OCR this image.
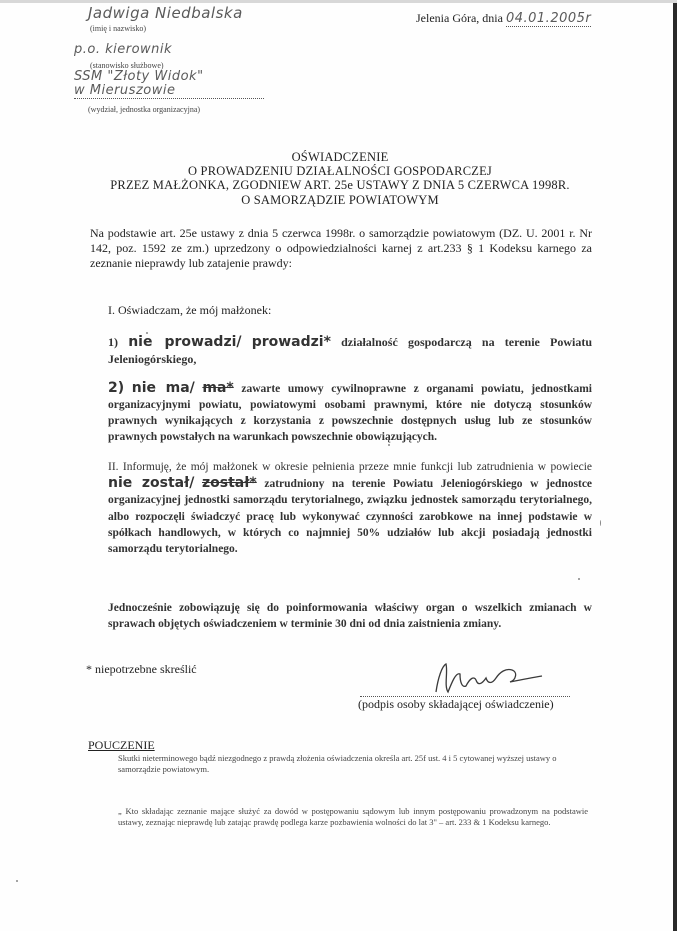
Jadwiga Niedbalska
(imię i nazwisko)
Jelenia Góra, dnia 04.01.2005r
p.o. kierownik
(stanowisko służbowe)
SSM "Złoty Widok"
w Mieruszowie
(wydział, jednostka organizacyjna)
OŚWIADCZENIE
O PROWADZENIU DZIAŁALNOŚCI GOSPODARCZEJ
PRZEZ MAŁŻONKA, ZGODNIEW ART. 25e USTAWY Z DNIA 5 CZERWCA 1998R.
O SAMORZĄDZIE POWIATOWYM
Na podstawie art. 25e ustawy z dnia 5 czerwca 1998r. o samorządzie powiatowym (DZ. U. 2001 r. Nr 142, poz. 1592 ze zm.) uprzedzony o odpowiedzialności karnej z art.233 § 1 Kodeksu karnego za zeznanie nieprawdy lub zatajenie prawdy:
I. Oświadczam, że mój małżonek:
1) nie prowadzi/ prowadzi* działalność gospodarczą na terenie Powiatu Jeleniogórskiego,
2) nie ma/ ma* zawarte umowy cywilnoprawne z organami powiatu, jednostkami organizacyjnymi powiatu, powiatowymi osobami prawnymi, które nie dotyczą stosunków prawnych wynikających z korzystania z powszechnie dostępnych usług lub ze stosunków prawnych powstałych na warunkach powszechnie obowiązujących.
II. Informuję, że mój małżonek w okresie pełnienia przeze mnie funkcji lub zatrudnienia w powiecie nie został/ został* zatrudniony na terenie Powiatu Jeleniogórskiego w jednostce organizacyjnej jednostki samorządu terytorialnego, związku jednostek samorządu terytorialnego, albo rozpoczęli świadczyć pracę lub wykonywać czynności zarobkowe na innej podstawie w spółkach handlowych, w których co najmniej 50% udziałów lub akcji posiadają jednostki samorządu terytorialnego.
Jednocześnie zobowiązuję się do poinformowania właściwy organ o wszelkich zmianach w sprawach objętych oświadczeniem w terminie 30 dni od dnia zaistnienia zmiany.
* niepotrzebne skreślić
(podpis osoby składającej oświadczenie)
POUCZENIE
Skutki nieterminowego bądź niezgodnego z prawdą złożenia oświadczenia określa art. 25f ust. 4 i 5 cytowanej wyższej ustawy o samorządzie powiatowym.
„ Kto składając zeznanie mające służyć za dowód w postępowaniu sądowym lub innym postępowaniu prowadzonym na podstawie ustawy, zeznając nieprawdę lub zatając prawdę podlega karze pozbawienia wolności do lat 3" – art. 233 & 1 Kodeksu karnego.
